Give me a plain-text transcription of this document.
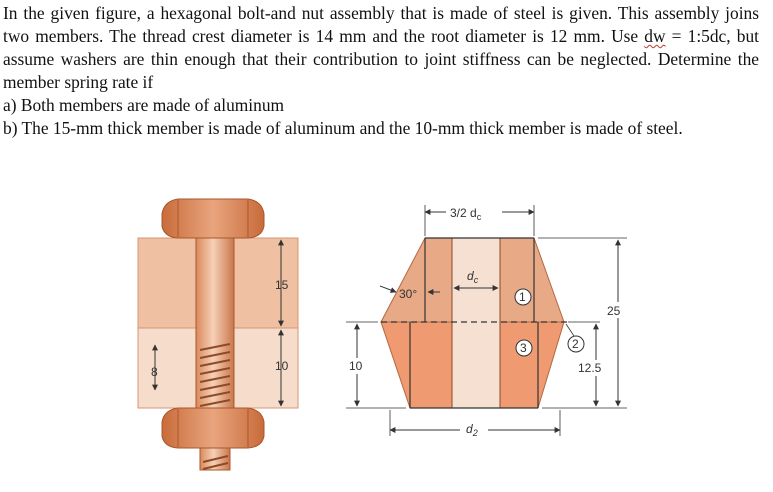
In the given figure, a hexagonal bolt-and nut assembly that is made of steel is given. This assembly joins two members. The thread crest diameter is 14 mm and the root diameter is 12 mm. Use dw = 1:5dc, but assume washers are thin enough that their contribution to joint stiffness can be neglected. Determine the member spring rate if

a) Both members are made of aluminum

b) The 15-mm thick member is made of aluminum and the 10-mm thick member is made of steel.

15
10
8
3/2 $d_c$
$d_c$
30°	1
3	2
25
12.5
10
$d_2$
